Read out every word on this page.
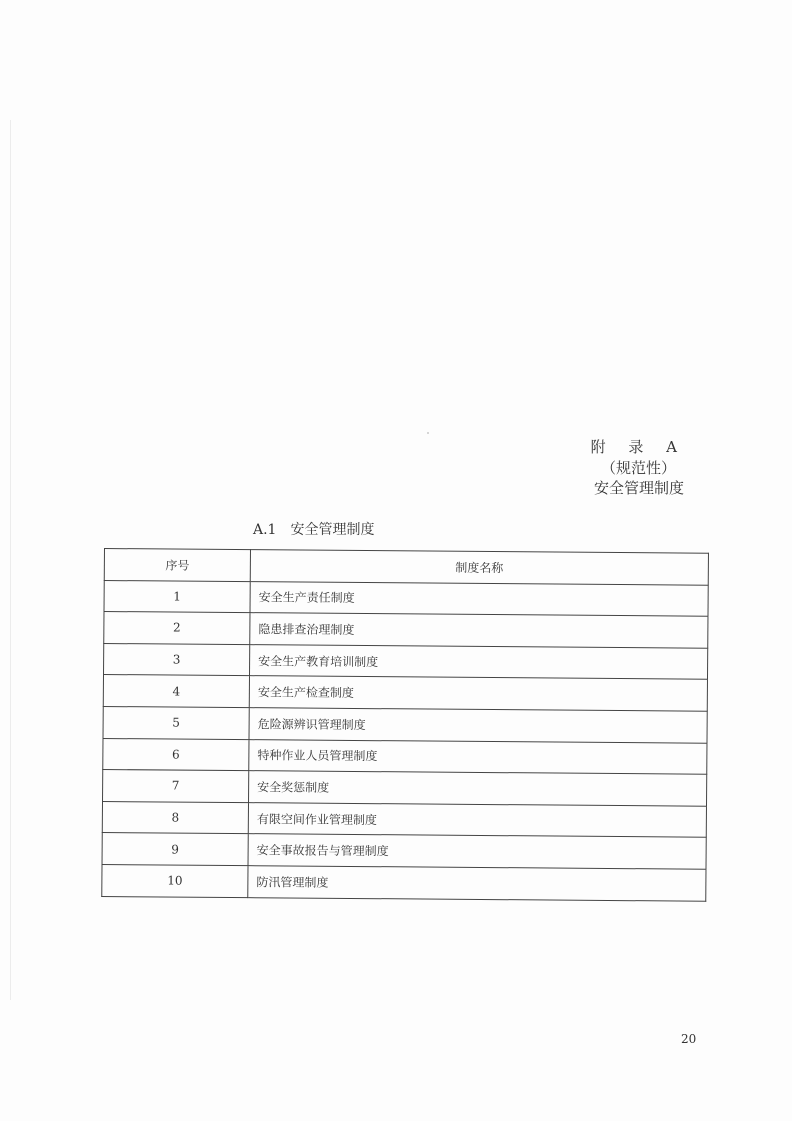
附 录 A
（规范性）
安全管理制度
A.1 安全管理制度
序号	制度名称
1	安全生产责任制度
2	隐患排查治理制度
3	安全生产教育培训制度
4	安全生产检查制度
5	危险源辨识管理制度
6	特种作业人员管理制度
7	安全奖惩制度
8	有限空间作业管理制度
9	安全事故报告与管理制度
10	防汛管理制度
20
